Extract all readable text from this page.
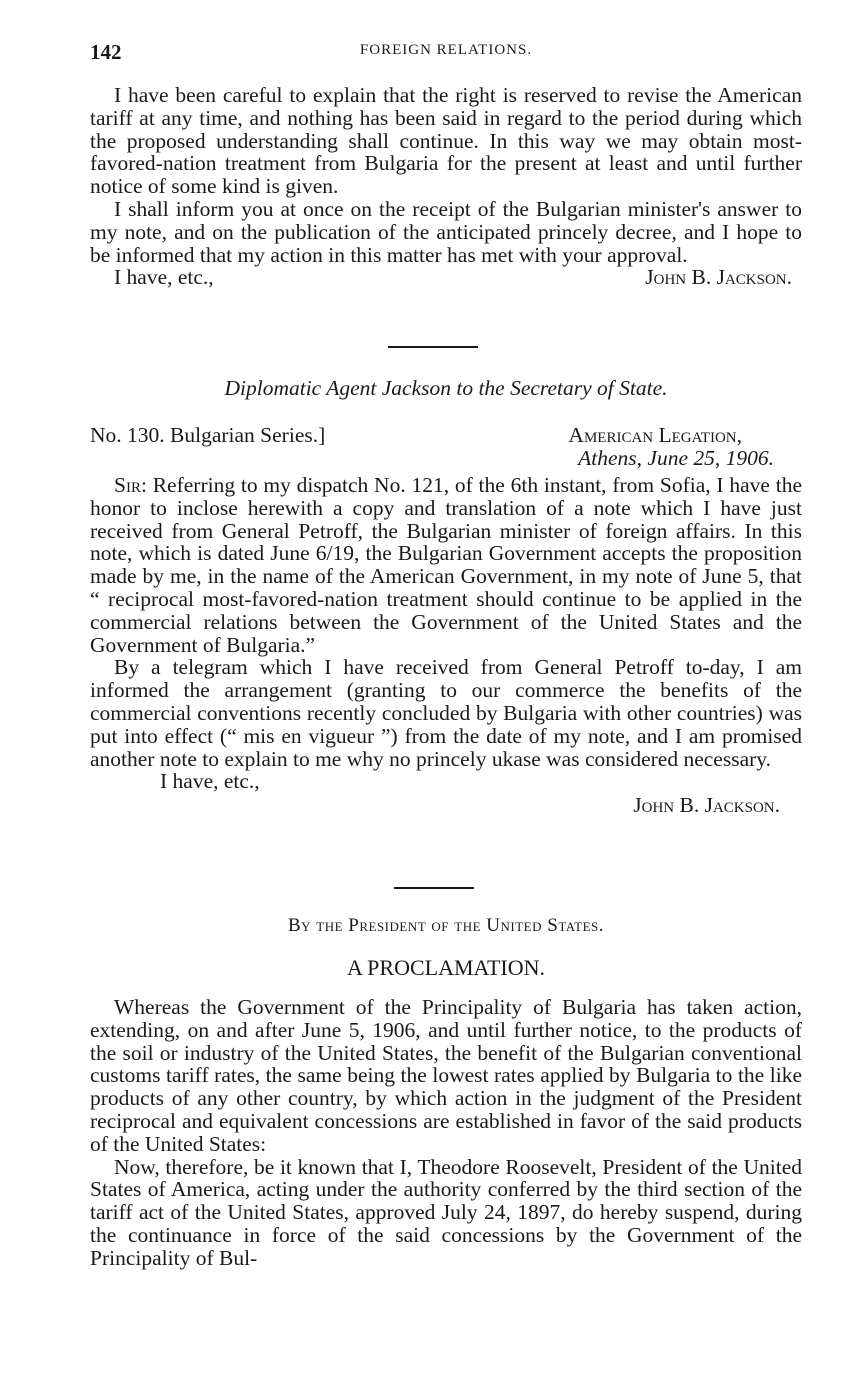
142	FOREIGN RELATIONS.

I have been careful to explain that the right is reserved to revise the American tariff at any time, and nothing has been said in regard to the period during which the proposed understanding shall continue. In this way we may obtain most-favored-nation treatment from Bulgaria for the present at least and until further notice of some kind is given.

I shall inform you at once on the receipt of the Bulgarian minister's answer to my note, and on the publication of the anticipated princely decree, and I hope to be informed that my action in this matter has met with your approval.

I have, etc.,	John B. Jackson.
Diplomatic Agent Jackson to the Secretary of State.
No. 130. Bulgarian Series.]	American Legation,
Athens, June 25, 1906.

Sir: Referring to my dispatch No. 121, of the 6th instant, from Sofia, I have the honor to inclose herewith a copy and translation of a note which I have just received from General Petroff, the Bulgarian minister of foreign affairs. In this note, which is dated June 6/19, the Bulgarian Government accepts the proposition made by me, in the name of the American Government, in my note of June 5, that “ reciprocal most-favored-nation treatment should continue to be applied in the commercial relations between the Government of the United States and the Government of Bulgaria.”

By a telegram which I have received from General Petroff to-day, I am informed the arrangement (granting to our commerce the benefits of the commercial conventions recently concluded by Bulgaria with other countries) was put into effect (“ mis en vigueur ”) from the date of my note, and I am promised another note to explain to me why no princely ukase was considered necessary.

I have, etc.,
John B. Jackson.
By the President of the United States.
A PROCLAMATION.

Whereas the Government of the Principality of Bulgaria has taken action, extending, on and after June 5, 1906, and until further notice, to the products of the soil or industry of the United States, the benefit of the Bulgarian conventional customs tariff rates, the same being the lowest rates applied by Bulgaria to the like products of any other country, by which action in the judgment of the President reciprocal and equivalent concessions are established in favor of the said products of the United States:

Now, therefore, be it known that I, Theodore Roosevelt, President of the United States of America, acting under the authority conferred by the third section of the tariff act of the United States, approved July 24, 1897, do hereby suspend, during the continuance in force of the said concessions by the Government of the Principality of Bul-
